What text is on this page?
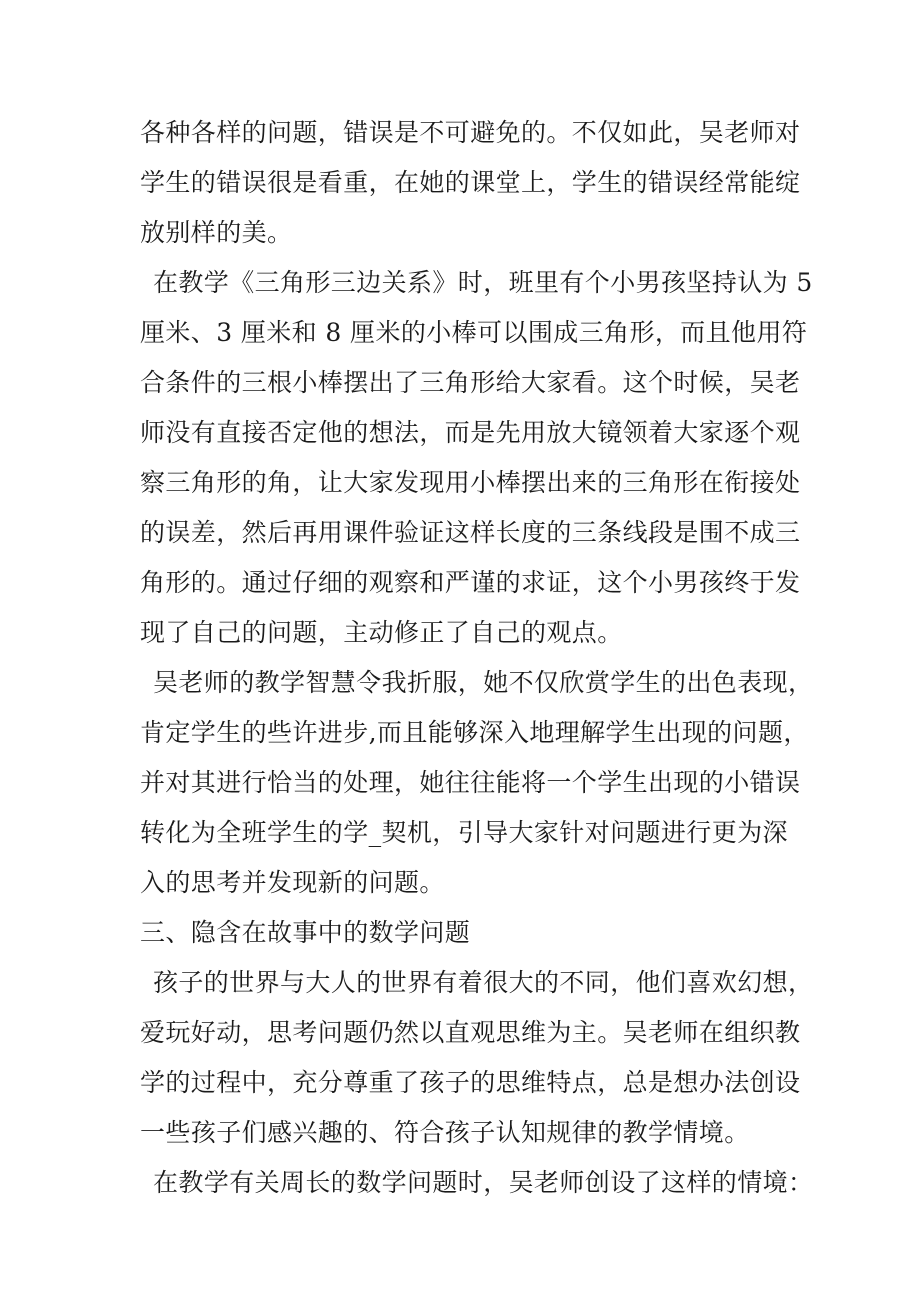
各种各样的问题，错误是不可避免的。不仅如此，吴老师对
学生的错误很是看重，在她的课堂上，学生的错误经常能绽
放别样的美。
在教学《三角形三边关系》时，班里有个小男孩坚持认为 5
厘米、3 厘米和 8 厘米的小棒可以围成三角形，而且他用符
合条件的三根小棒摆出了三角形给大家看。这个时候，吴老
师没有直接否定他的想法，而是先用放大镜领着大家逐个观
察三角形的角，让大家发现用小棒摆出来的三角形在衔接处
的误差，然后再用课件验证这样长度的三条线段是围不成三
角形的。通过仔细的观察和严谨的求证，这个小男孩终于发
现了自己的问题，主动修正了自己的观点。
吴老师的教学智慧令我折服，她不仅欣赏学生的出色表现，
肯定学生的些许进步,而且能够深入地理解学生出现的问题，
并对其进行恰当的处理，她往往能将一个学生出现的小错误
转化为全班学生的学_契机，引导大家针对问题进行更为深
入的思考并发现新的问题。
三、隐含在故事中的数学问题
孩子的世界与大人的世界有着很大的不同，他们喜欢幻想，
爱玩好动，思考问题仍然以直观思维为主。吴老师在组织教
学的过程中，充分尊重了孩子的思维特点，总是想办法创设
一些孩子们感兴趣的、符合孩子认知规律的教学情境。
在教学有关周长的数学问题时，吴老师创设了这样的情境：
